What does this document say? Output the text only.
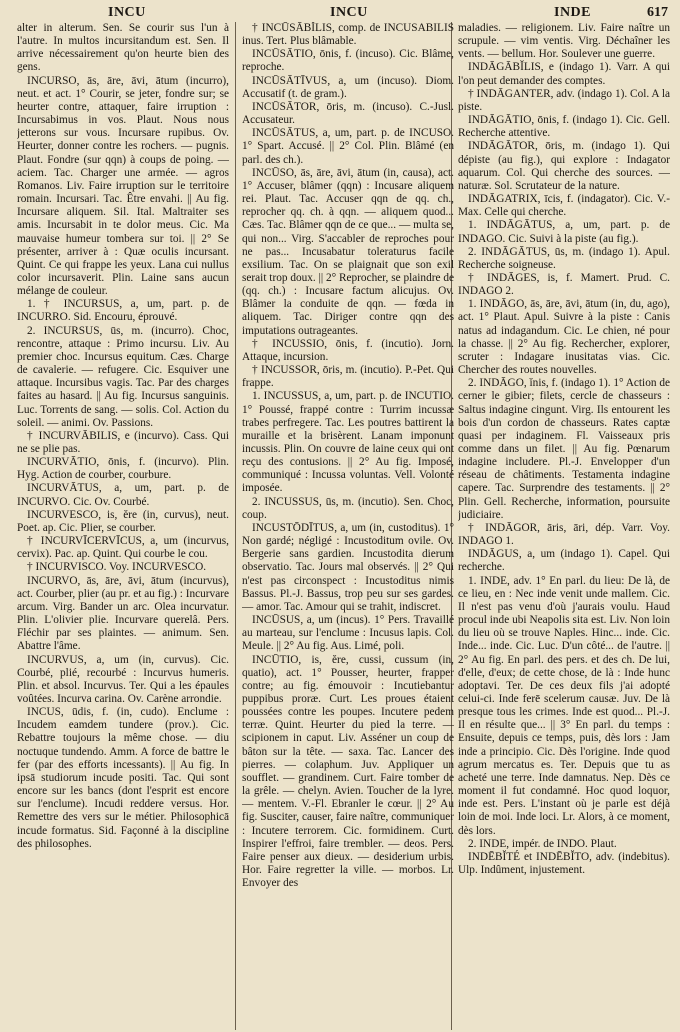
INCU	INCU	INDE	617

alter in alterum. Sen. Se courir sus l'un à l'autre. In multos incursitandum est. Sen. Il arrive nécessairement qu'on heurte bien des gens.

INCURSO, ās, āre, āvi, ātum (incurro), neut. et act. 1° Courir, se jeter, fondre sur; se heurter contre, attaquer, faire irruption : Incursabimus in vos. Plaut. Nous nous jetterons sur vous. Incursare rupibus. Ov. Heurter, donner contre les rochers. — pugnis. Plaut. Fondre (sur qqn) à coups de poing. — aciem. Tac. Charger une armée. — agros Romanos. Liv. Faire irruption sur le territoire romain. Incursari. Tac. Être envahi. || Au fig. Incursare aliquem. Sil. Ital. Maltraiter ses amis. Incursabit in te dolor meus. Cic. Ma mauvaise humeur tombera sur toi. || 2° Se présenter, arriver à : Quæ oculis incursant. Quint. Ce qui frappe les yeux. Lana cui nullus color incursaverit. Plin. Laine sans aucun mélange de couleur.

1. † INCURSUS, a, um, part. p. de INCURRO. Sid. Encouru, éprouvé.

2. INCURSUS, ūs, m. (incurro). Choc, rencontre, attaque : Primo incursu. Liv. Au premier choc. Incursus equitum. Cæs. Charge de cavalerie. — refugere. Cic. Esquiver une attaque. Incursibus vagis. Tac. Par des charges faites au hasard. || Au fig. Incursus sanguinis. Luc. Torrents de sang. — solis. Col. Action du soleil. — animi. Ov. Passions.

† INCURVĀBILIS, e (incurvo). Cass. Qui ne se plie pas.

INCURVĀTIO, ōnis, f. (incurvo). Plin. Hyg. Action de courber, courbure.

INCURVĀTUS, a, um, part. p. de INCURVO. Cic. Ov. Courbé.

INCURVESCO, is, ĕre (in, curvus), neut. Poet. ap. Cic. Plier, se courber.

† INCURVĪCERVĪCUS, a, um (incurvus, cervix). Pac. ap. Quint. Qui courbe le cou.

† INCURVISCO. Voy. INCURVESCO.

INCURVO, ās, āre, āvi, ātum (incurvus), act. Courber, plier (au pr. et au fig.) : Incurvare arcum. Virg. Bander un arc. Olea incurvatur. Plin. L'olivier plie. Incurvare querelâ. Pers. Fléchir par ses plaintes. — animum. Sen. Abattre l'âme.

INCURVUS, a, um (in, curvus). Cic. Courbé, plié, recourbé : Incurvus humeris. Plin. et absol. Incurvus. Ter. Qui a les épaules voûtées. Incurva carina. Ov. Carène arrondie.

INCUS, ūdis, f. (in, cudo). Enclume : Incudem eamdem tundere (prov.). Cic. Rebattre toujours la même chose. — diu noctuque tundendo. Amm. A force de battre le fer (par des efforts incessants). || Au fig. In ipsā studiorum incude positi. Tac. Qui sont encore sur les bancs (dont l'esprit est encore sur l'enclume). Incudi reddere versus. Hor. Remettre des vers sur le métier. Philosophicā incude formatus. Sid. Façonné à la discipline des philosophes.

† INCŪSĀBĬLIS, comp. de INCUSABILIS inus. Tert. Plus blâmable.

INCŪSĀTIO, ōnis, f. (incuso). Cic. Blâme, reproche.

INCŪSĀTĪVUS, a, um (incuso). Diom. Accusatif (t. de gram.).

INCŪSĀTOR, ōris, m. (incuso). C.-Jusl. Accusateur.

INCŪSĀTUS, a, um, part. p. de INCUSO. 1° Spart. Accusé. || 2° Col. Plin. Blâmé (en parl. des ch.).

INCŪSO, ās, āre, āvi, ātum (in, causa), act. 1° Accuser, blâmer (qqn) : Incusare aliquem rei. Plaut. Tac. Accuser qqn de qq. ch., reprocher qq. ch. à qqn. — aliquem quod... Cæs. Tac. Blâmer qqn de ce que... — multa se, qui non... Virg. S'accabler de reproches pour ne pas... Incusabatur toleraturus facile exsilium. Tac. On se plaignait que son exil serait trop doux. || 2° Reprocher, se plaindre de (qq. ch.) : Incusare factum alicujus. Ov. Blâmer la conduite de qqn. — fœda in aliquem. Tac. Diriger contre qqn des imputations outrageantes.

† INCUSSIO, ōnis, f. (incutio). Jorn. Attaque, incursion.

† INCUSSOR, ōris, m. (incutio). P.-Pet. Qui frappe.

1. INCUSSUS, a, um, part. p. de INCUTIO. 1° Poussé, frappé contre : Turrim incussæ trabes perfregere. Tac. Les poutres battirent la muraille et la brisèrent. Lanam imponunt incussis. Plin. On couvre de laine ceux qui ont reçu des contusions. || 2° Au fig. Imposé, communiqué : Incussa voluntas. Vell. Volonté imposée.

2. INCUSSUS, ūs, m. (incutio). Sen. Choc, coup.

INCUSTŌDĪTUS, a, um (in, custoditus). 1° Non gardé; négligé : Incustoditum ovile. Ov. Bergerie sans gardien. Incustodita dierum observatio. Tac. Jours mal observés. || 2° Qui n'est pas circonspect : Incustoditus nimis Bassus. Pl.-J. Bassus, trop peu sur ses gardes. — amor. Tac. Amour qui se trahit, indiscret.

INCŪSUS, a, um (incus). 1° Pers. Travaillé au marteau, sur l'enclume : Incusus lapis. Col. Meule. || 2° Au fig. Aus. Limé, poli.

INCŪTIO, is, ĕre, cussi, cussum (in, quatio), act. 1° Pousser, heurter, frapper contre; au fig. émouvoir : Incutiebantur puppibus proræ. Curt. Les proues étaient poussées contre les poupes. Incutere pedem terræ. Quint. Heurter du pied la terre. — scipionem in caput. Liv. Asséner un coup de bâton sur la tête. — saxa. Tac. Lancer des pierres. — colaphum. Juv. Appliquer un soufflet. — grandinem. Curt. Faire tomber de la grêle. — chelyn. Avien. Toucher de la lyre. — mentem. V.-Fl. Ebranler le cœur. || 2° Au fig. Susciter, causer, faire naître, communiquer : Incutere terrorem. Cic. formidinem. Curt. Inspirer l'effroi, faire trembler. — deos. Pers. Faire penser aux dieux. — desiderium urbis. Hor. Faire regretter la ville. — morbos. Lr. Envoyer des

maladies. — religionem. Liv. Faire naître un scrupule. — vim ventis. Virg. Déchaîner les vents. — bellum. Hor. Soulever une guerre.

INDĀGĀBĬLIS, e (indago 1). Varr. A qui l'on peut demander des comptes.

† INDĀGANTER, adv. (indago 1). Col. A la piste.

INDĀGĀTIO, ōnis, f. (indago 1). Cic. Gell. Recherche attentive.

INDĀGĀTOR, ōris, m. (indago 1). Qui dépiste (au fig.), qui explore : Indagator aquarum. Col. Qui cherche des sources. — naturæ. Sol. Scrutateur de la nature.

INDĀGATRIX, īcis, f. (indagator). Cic. V.-Max. Celle qui cherche.

1. INDĀGĀTUS, a, um, part. p. de INDAGO. Cic. Suivi à la piste (au fig.).

2. INDĀGĀTUS, ūs, m. (indago 1). Apul. Recherche soigneuse.

† INDĀGES, is, f. Mamert. Prud. C. INDAGO 2.

1. INDĀGO, ās, āre, āvi, ātum (in, du, ago), act. 1° Plaut. Apul. Suivre à la piste : Canis natus ad indagandum. Cic. Le chien, né pour la chasse. || 2° Au fig. Rechercher, explorer, scruter : Indagare inusitatas vias. Cic. Chercher des routes nouvelles.

2. INDĀGO, ĭnis, f. (indago 1). 1° Action de cerner le gibier; filets, cercle de chasseurs : Saltus indagine cingunt. Virg. Ils entourent les bois d'un cordon de chasseurs. Rates captæ quasi per indaginem. Fl. Vaisseaux pris comme dans un filet. || Au fig. Pœnarum indagine includere. Pl.-J. Envelopper d'un réseau de châtiments. Testamenta indagine capere. Tac. Surprendre des testaments. || 2° Plin. Gell. Recherche, information, poursuite judiciaire.

† INDĀGOR, āris, āri, dép. Varr. Voy. INDAGO 1.

INDĀGUS, a, um (indago 1). Capel. Qui recherche.

1. INDE, adv. 1° En parl. du lieu: De là, de ce lieu, en : Nec inde venit unde mallem. Cic. Il n'est pas venu d'où j'aurais voulu. Haud procul inde ubi Neapolis sita est. Liv. Non loin du lieu où se trouve Naples. Hinc... inde. Cic. Inde... inde. Cic. Luc. D'un côté... de l'autre. || 2° Au fig. En parl. des pers. et des ch. De lui, d'elle, d'eux; de cette chose, de là : Inde hunc adoptavi. Ter. De ces deux fils j'ai adopté celui-ci. Inde ferē scelerum causæ. Juv. De là presque tous les crimes. Inde est quod... Pl.-J. Il en résulte que... || 3° En parl. du temps : Ensuite, depuis ce temps, puis, dès lors : Jam inde a principio. Cic. Dès l'origine. Inde quod agrum mercatus es. Ter. Depuis que tu as acheté une terre. Inde damnatus. Nep. Dès ce moment il fut condamné. Hoc quod loquor, inde est. Pers. L'instant où je parle est déjà loin de moi. Inde loci. Lr. Alors, à ce moment, dès lors.

2. INDE, impér. de INDO. Plaut.

INDĒBĬTÉ et INDĒBĬTO, adv. (indebitus). Ulp. Indûment, injustement.
